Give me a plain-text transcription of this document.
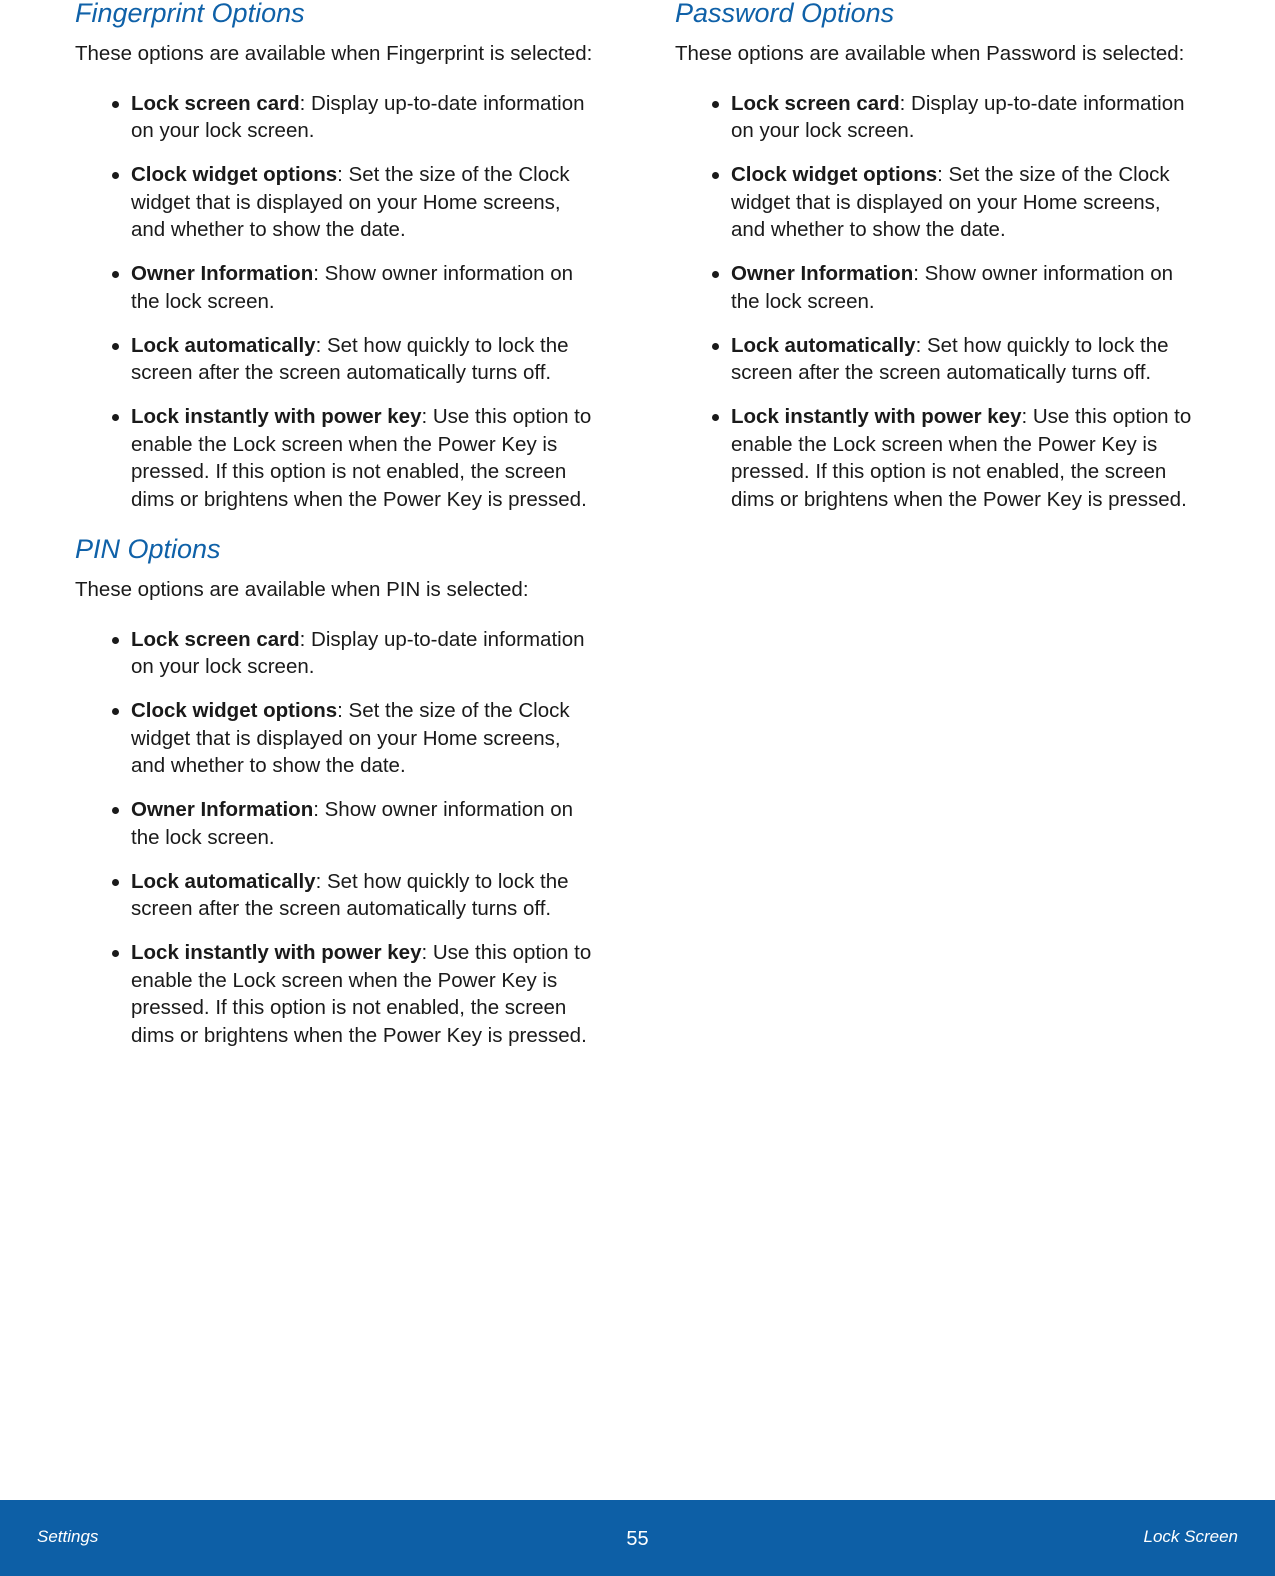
Fingerprint Options

These options are available when Fingerprint is selected:

Lock screen card: Display up-to-date information on your lock screen.
Clock widget options: Set the size of the Clock widget that is displayed on your Home screens, and whether to show the date.
Owner Information: Show owner information on the lock screen.
Lock automatically: Set how quickly to lock the screen after the screen automatically turns off.
Lock instantly with power key: Use this option to enable the Lock screen when the Power Key is pressed. If this option is not enabled, the screen dims or brightens when the Power Key is pressed.
PIN Options

These options are available when PIN is selected:

Lock screen card: Display up-to-date information on your lock screen.
Clock widget options: Set the size of the Clock widget that is displayed on your Home screens, and whether to show the date.
Owner Information: Show owner information on the lock screen.
Lock automatically: Set how quickly to lock the screen after the screen automatically turns off.
Lock instantly with power key: Use this option to enable the Lock screen when the Power Key is pressed. If this option is not enabled, the screen dims or brightens when the Power Key is pressed.
Password Options

These options are available when Password is selected:

Lock screen card: Display up-to-date information on your lock screen.
Clock widget options: Set the size of the Clock widget that is displayed on your Home screens, and whether to show the date.
Owner Information: Show owner information on the lock screen.
Lock automatically: Set how quickly to lock the screen after the screen automatically turns off.
Lock instantly with power key: Use this option to enable the Lock screen when the Power Key is pressed. If this option is not enabled, the screen dims or brightens when the Power Key is pressed.
Settings	55	Lock Screen
